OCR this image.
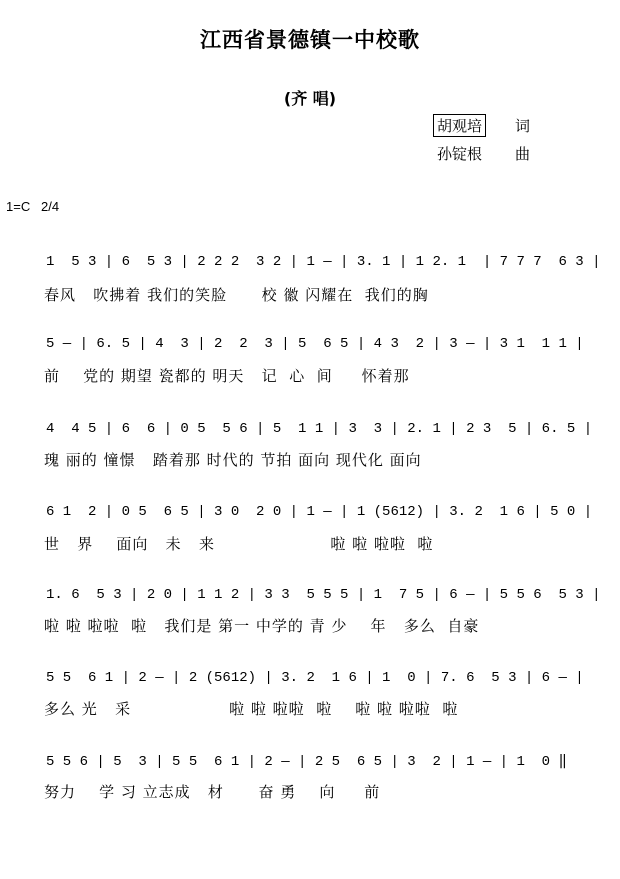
江西省景德镇一中校歌
(齐 唱)
胡观培 词
孙锭根 曲
1=C   2/4
1  5 3 | 6  5 3 | 2 2 2  3 2 | 1 — | 3. 1 | 1 2. 1  | 7 7 7  6 3 |
春风   吹拂着 我们的笑脸      校 徽 闪耀在  我们的胸
5 — | 6. 5 | 4  3 | 2  2  3 | 5  6 5 | 4 3  2 | 3 — | 3 1  1 1 |
前    党的 期望 瓷都的 明天   记  心  间     怀着那
4  4 5 | 6  6 | 0 5  5 6 | 5  1 1 | 3  3 | 2. 1 | 2 3  5 | 6. 5 |
瑰 丽的 憧憬   踏着那 时代的 节拍 面向 现代化 面向
6 1  2 | 0 5  6 5 | 3 0  2 0 | 1 — | 1 (5612) | 3. 2  1 6 | 5 0 |
世   界    面向   未   来                    啦 啦 啦啦  啦
1. 6  5 3 | 2 0 | 1 1 2 | 3 3  5 5 5 | 1  7 5 | 6 — | 5 5 6  5 3 |
啦 啦 啦啦  啦   我们是 第一 中学的 青 少    年   多么  自豪
5 5  6 1 | 2 — | 2 (5612) | 3. 2  1 6 | 1  0 | 7. 6  5 3 | 6 — |
多么 光   采                 啦 啦 啦啦  啦    啦 啦 啦啦  啦
5 5 6 | 5  3 | 5 5  6 1 | 2 — | 2 5  6 5 | 3  2 | 1 — | 1  0 ‖
努力    学 习 立志成   材      奋 勇    向     前
